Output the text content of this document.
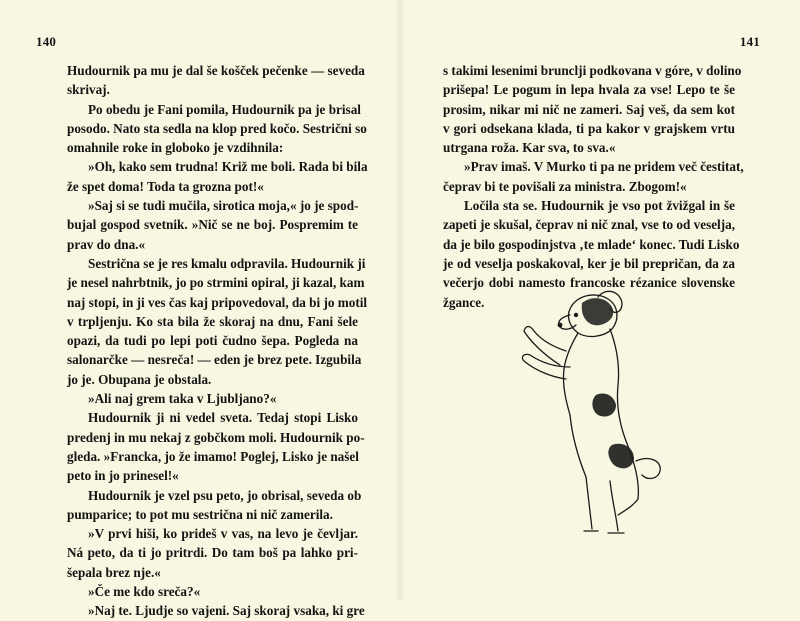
140	141
Hudournik pa mu je dal še košček pečenke — seveda
skrivaj.
Po obedu je Fani pomila, Hudournik pa je brisal
posodo. Nato sta sedla na klop pred kočo. Sestrični so
omahnile roke in globoko je vzdihnila:
»Oh, kako sem trudna! Križ me boli. Rada bi bila
že spet doma! Toda ta grozna pot!«
»Saj si se tudi mučila, sirotica moja,« jo je spod-
bujal gospod svetnik. »Nič se ne boj. Pospremim te
prav do dna.«
Sestrična se je res kmalu odpravila. Hudournik ji
je nesel nahrbtnik, jo po strmini opiral, ji kazal, kam
naj stopi, in ji ves čas kaj pripovedoval, da bi jo motil
v trpljenju. Ko sta bila že skoraj na dnu, Fani šele
opazi, da tudi po lepi poti čudno šepa. Pogleda na
salonarčke — nesreča! — eden je brez pete. Izgubila
jo je. Obupana je obstala.
»Ali naj grem taka v Ljubljano?«
Hudournik ji ni vedel sveta. Tedaj stopi Lisko
predenj in mu nekaj z gobčkom moli. Hudournik po-
gleda. »Francka, jo že imamo! Poglej, Lisko je našel
peto in jo prinesel!«
Hudournik je vzel psu peto, jo obrisal, seveda ob
pumparice; to pot mu sestrična ni nič zamerila.
»V prvi hiši, ko prideš v vas, na levo je čevljar.
Ná peto, da ti jo pritrdi. Do tam boš pa lahko pri-
šepala brez nje.«
»Če me kdo sreča?«
»Naj te. Ljudje so vajeni. Saj skoraj vsaka, ki gre
s takimi lesenimi brunclji podkovana v góre, v dolino
prišepa! Le pogum in lepa hvala za vse! Lepo te še
prosim, nikar mi nič ne zameri. Saj veš, da sem kot
v gori odsekana klada, ti pa kakor v grajskem vrtu
utrgana roža. Kar sva, to sva.«
»Prav imaš. V Murko ti pa ne pridem več čestitat,
čeprav bi te povišali za ministra. Zbogom!«
Ločila sta se. Hudournik je vso pot žvižgal in še
zapeti je skušal, čeprav ni nič znal, vse to od veselja,
da je bilo gospodinjstva ‚te mlade‘ konec. Tudi Lisko
je od veselja poskakoval, ker je bil prepričan, da za
večerjo dobi namesto francoske rézanice slovenske
žgance.
